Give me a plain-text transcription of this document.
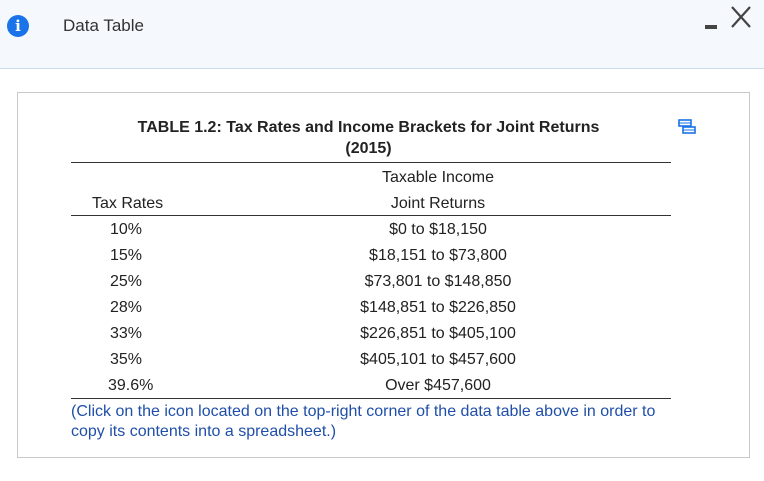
i	Data Table
TABLE 1.2: Tax Rates and Income Brackets for Joint Returns
(2015)
Taxable Income
Tax Rates	Joint Returns
10%	$0 to $18,150
15%	$18,151 to $73,800
25%	$73,801 to $148,850
28%	$148,851 to $226,850
33%	$226,851 to $405,100
35%	$405,101 to $457,600
39.6%	Over $457,600
(Click on the icon located on the top-right corner of the data table above in order to copy its contents into a spreadsheet.)
